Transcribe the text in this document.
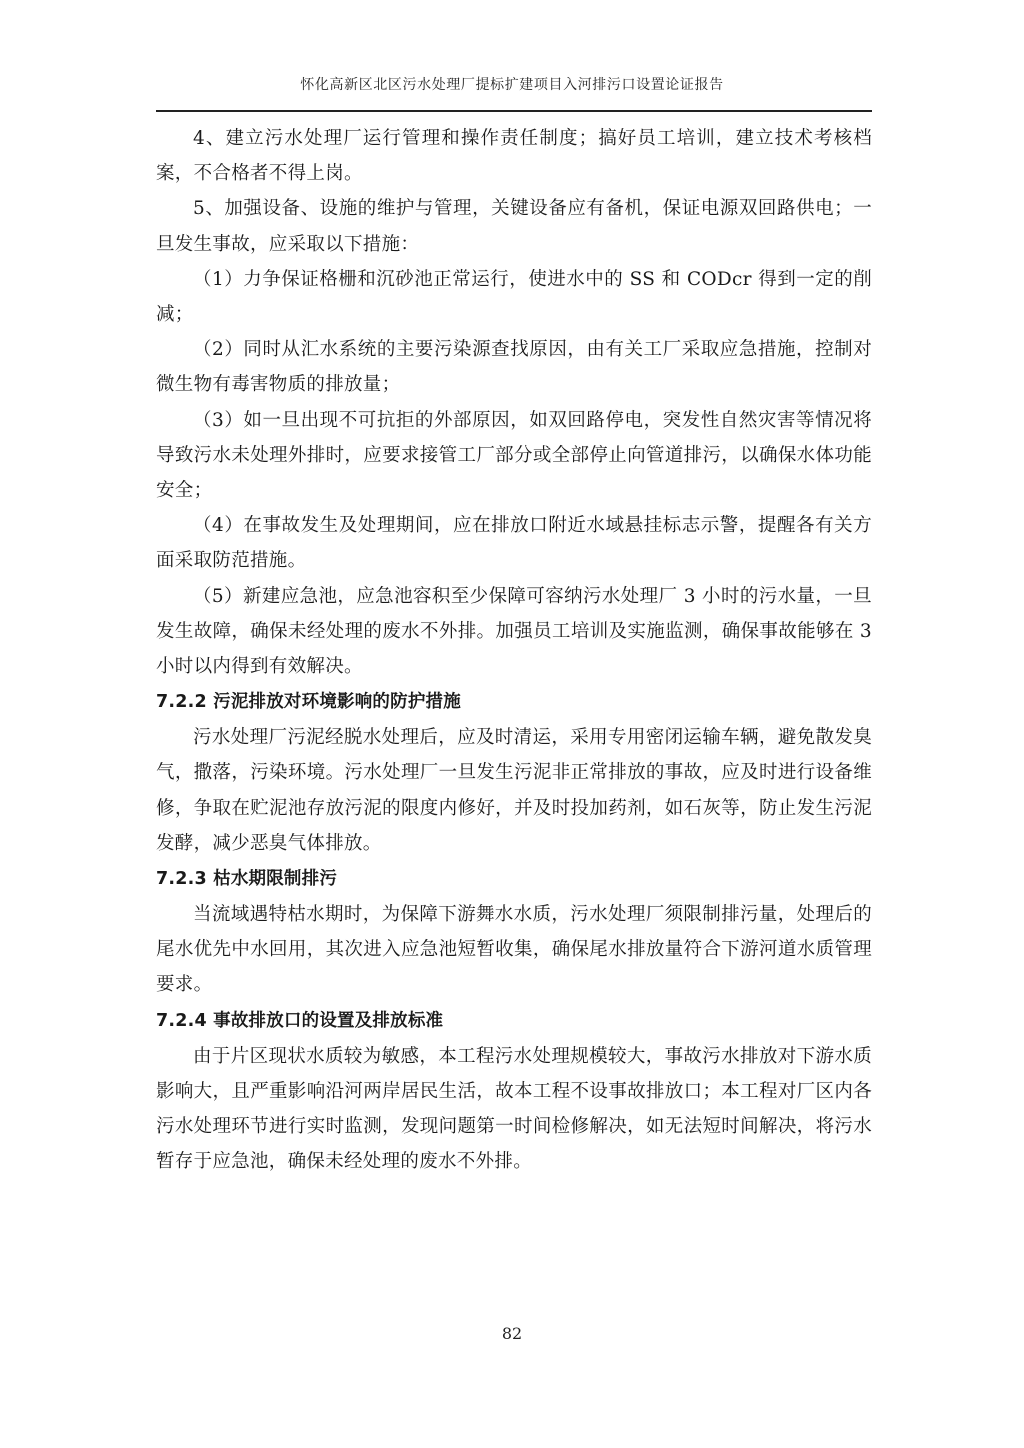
怀化高新区北区污水处理厂提标扩建项目入河排污口设置论证报告

4、建立污水处理厂运行管理和操作责任制度；搞好员工培训，建立技术考核档案，不合格者不得上岗。

5、加强设备、设施的维护与管理，关键设备应有备机，保证电源双回路供电；一旦发生事故，应采取以下措施：

（1）力争保证格栅和沉砂池正常运行，使进水中的 SS 和 CODcr 得到一定的削减；

（2）同时从汇水系统的主要污染源查找原因，由有关工厂采取应急措施，控制对微生物有毒害物质的排放量；

（3）如一旦出现不可抗拒的外部原因，如双回路停电，突发性自然灾害等情况将导致污水未处理外排时，应要求接管工厂部分或全部停止向管道排污，以确保水体功能安全；

（4）在事故发生及处理期间，应在排放口附近水域悬挂标志示警，提醒各有关方面采取防范措施。

（5）新建应急池，应急池容积至少保障可容纳污水处理厂 3 小时的污水量，一旦发生故障，确保未经处理的废水不外排。加强员工培训及实施监测，确保事故能够在 3 小时以内得到有效解决。

7.2.2 污泥排放对环境影响的防护措施

污水处理厂污泥经脱水处理后，应及时清运，采用专用密闭运输车辆，避免散发臭气，撒落，污染环境。污水处理厂一旦发生污泥非正常排放的事故，应及时进行设备维修，争取在贮泥池存放污泥的限度内修好，并及时投加药剂，如石灰等，防止发生污泥发酵，减少恶臭气体排放。

7.2.3 枯水期限制排污

当流域遇特枯水期时，为保障下游舞水水质，污水处理厂须限制排污量，处理后的尾水优先中水回用，其次进入应急池短暂收集，确保尾水排放量符合下游河道水质管理要求。

7.2.4 事故排放口的设置及排放标准

由于片区现状水质较为敏感，本工程污水处理规模较大，事故污水排放对下游水质影响大，且严重影响沿河两岸居民生活，故本工程不设事故排放口；本工程对厂区内各污水处理环节进行实时监测，发现问题第一时间检修解决，如无法短时间解决，将污水暂存于应急池，确保未经处理的废水不外排。

82
